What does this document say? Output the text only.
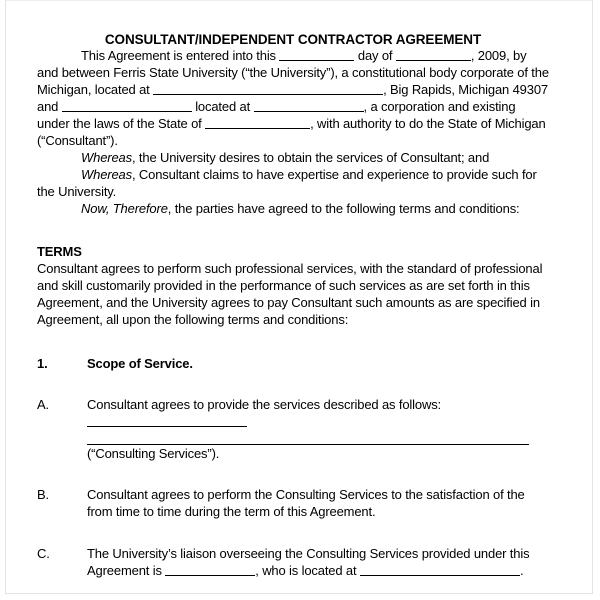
CONSULTANT/INDEPENDENT CONTRACTOR AGREEMENT

This Agreement is entered into this	day of	, 2009, by and between Ferris State University (“the University”), a constitutional body corporate of the Michigan, located at	, Big Rapids, Michigan 49307 and	located at	, a corporation and existing under the laws of the State of	, with authority to do the State of Michigan (“Consultant”).

Whereas, the University desires to obtain the services of Consultant; and

Whereas, Consultant claims to have expertise and experience to provide such for the University.

Now, Therefore, the parties have agreed to the following terms and conditions:

TERMS

Consultant agrees to perform such professional services, with the standard of professional and skill customarily provided in the performance of such services as are set forth in this Agreement, and the University agrees to pay Consultant such amounts as are specified in Agreement, all upon the following terms and conditions:

1.	Scope of Service.
A.	Consultant agrees to provide the services described as follows:
(“Consulting Services”).
B.	Consultant agrees to perform the Consulting Services to the satisfaction of the from time to time during the term of this Agreement.
C.	The University’s liaison overseeing the Consulting Services provided under this Agreement is	, who is located at	.
